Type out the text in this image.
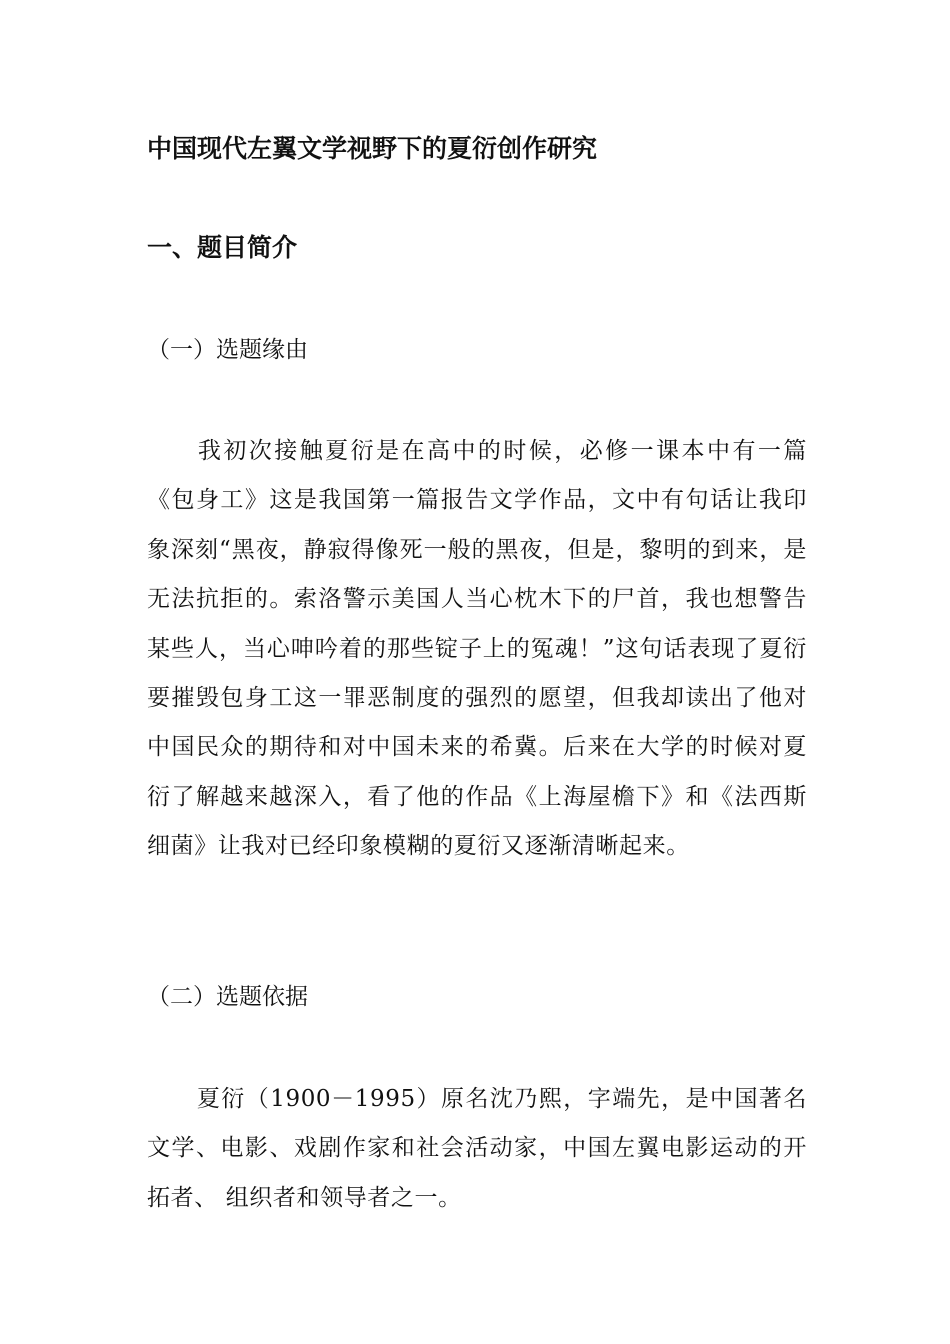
中国现代左翼文学视野下的夏衍创作研究
一、题目简介
（一）选题缘由

我初次接触夏衍是在高中的时候，必修一课本中有一篇《包身工》这是我国第一篇报告文学作品，文中有句话让我印象深刻“黑夜，静寂得像死一般的黑夜，但是，黎明的到来，是无法抗拒的。索洛警示美国人当心枕木下的尸首，我也想警告某些人，当心呻吟着的那些锭子上的冤魂！”这句话表现了夏衍要摧毁包身工这一罪恶制度的强烈的愿望，但我却读出了他对中国民众的期待和对中国未来的希冀。后来在大学的时候对夏衍了解越来越深入，看了他的作品《上海屋檐下》和《法西斯细菌》让我对已经印象模糊的夏衍又逐渐清晰起来。

（二）选题依据

夏衍（1900－1995）原名沈乃熙，字端先，是中国著名文学、电影、戏剧作家和社会活动家，中国左翼电影运动的开拓者、 组织者和领导者之一。
